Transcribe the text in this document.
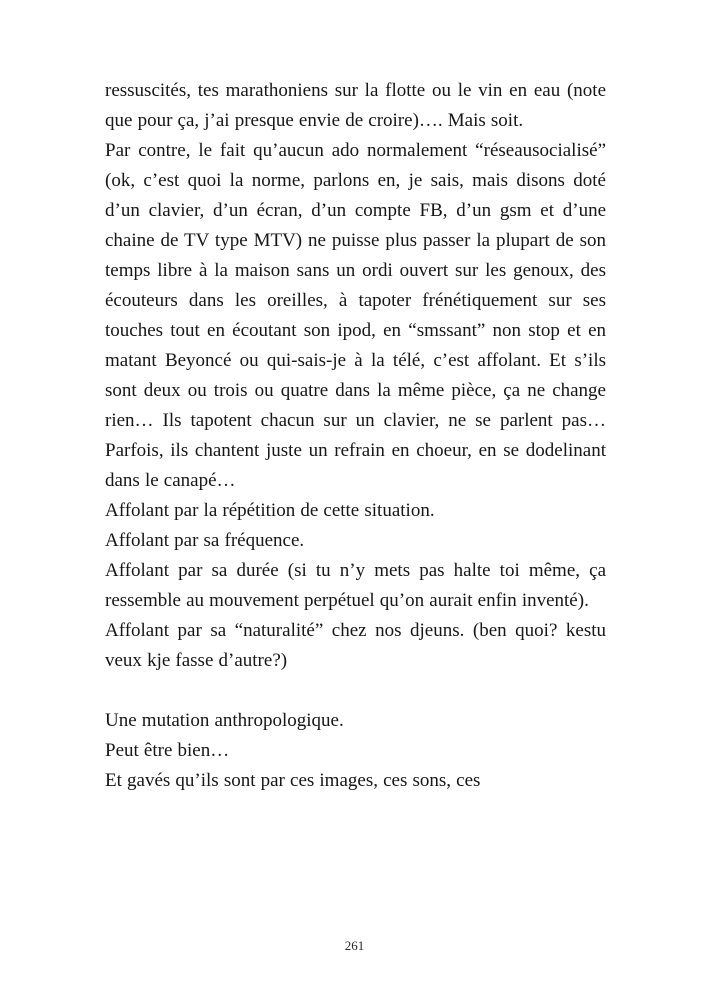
ressuscités, tes marathoniens sur la flotte ou le vin en eau (note que pour ça, j’ai presque envie de croire)…. Mais soit.

Par contre, le fait qu’aucun ado normalement “réseausocialisé” (ok, c’est quoi la norme, parlons en, je sais, mais disons doté d’un clavier, d’un écran, d’un compte FB, d’un gsm et d’une chaine de TV type MTV) ne puisse plus passer la plupart de son temps libre à la maison sans un ordi ouvert sur les genoux, des écouteurs dans les oreilles, à tapoter frénétiquement sur ses touches tout en écoutant son ipod, en “smssant” non stop et en matant Beyoncé ou qui-sais-je à la télé, c’est affolant. Et s’ils sont deux ou trois ou quatre dans la même pièce, ça ne change rien… Ils tapotent chacun sur un clavier, ne se parlent pas… Parfois, ils chantent juste un refrain en choeur, en se dodelinant dans le canapé…

Affolant par la répétition de cette situation.

Affolant par sa fréquence.

Affolant par sa durée (si tu n’y mets pas halte toi même, ça ressemble au mouvement perpétuel qu’on aurait enfin inventé).

Affolant par sa “naturalité” chez nos djeuns. (ben quoi? kestu veux kje fasse d’autre?)

Une mutation anthropologique.

Peut être bien…

Et gavés qu’ils sont par ces images, ces sons, ces

261
